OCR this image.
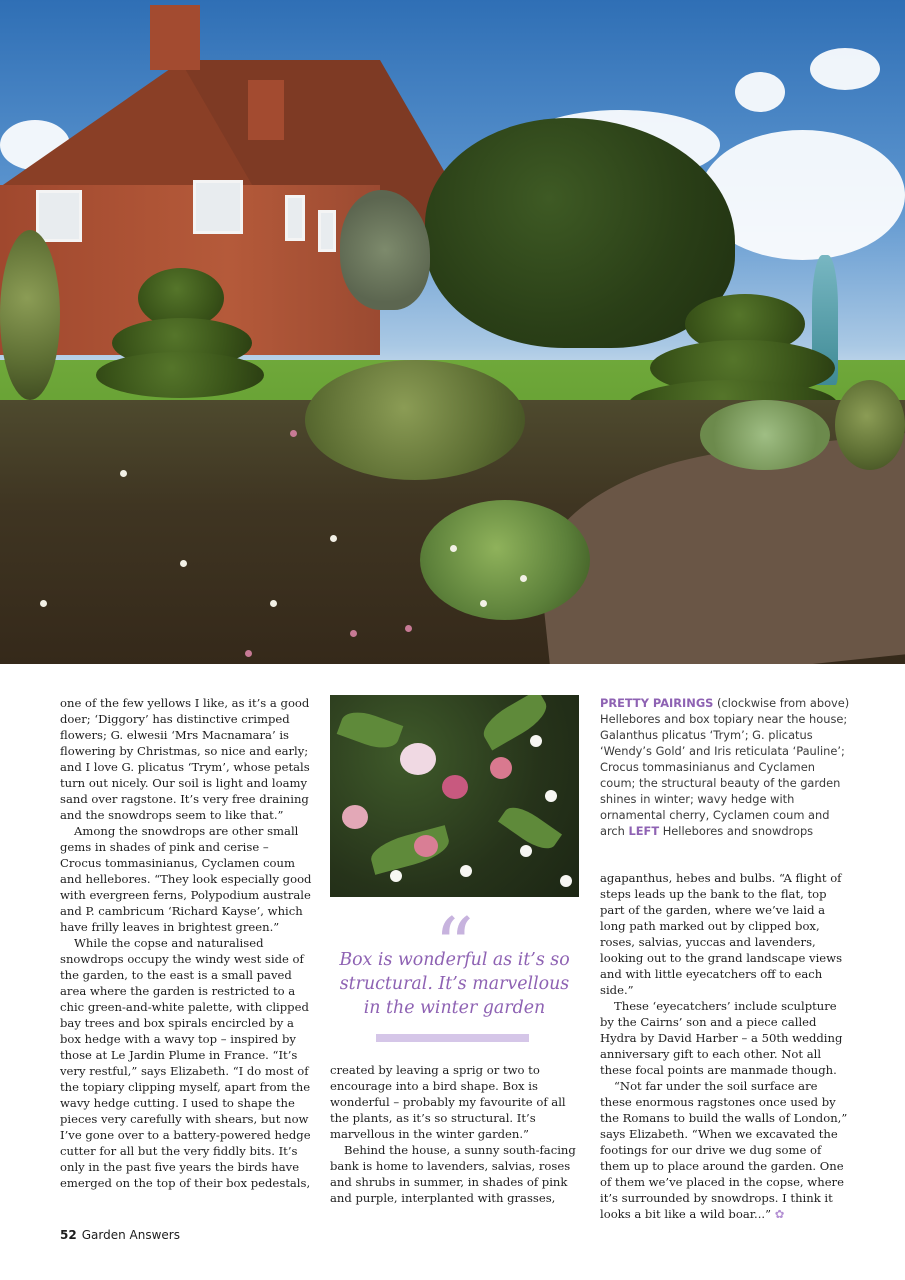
one of the few yellows I like, as it’s a good doer; ‘Diggory’ has distinctive crimped flowers; G. elwesii ‘Mrs Macnamara’ is flowering by Christmas, so nice and early; and I love G. plicatus ‘Trym’, whose petals turn out nicely. Our soil is light and loamy sand over ragstone. It’s very free draining and the snowdrops seem to like that.”

Among the snowdrops are other small gems in shades of pink and cerise – Crocus tommasinianus, Cyclamen coum and hellebores. “They look especially good with evergreen ferns, Polypodium australe and P. cambricum ‘Richard Kayse’, which have frilly leaves in brightest green.”

While the copse and naturalised snowdrops occupy the windy west side of the garden, to the east is a small paved area where the garden is restricted to a chic green-and-white palette, with clipped bay trees and box spirals encircled by a box hedge with a wavy top – inspired by those at Le Jardin Plume in France. “It’s very restful,” says Elizabeth. “I do most of the topiary clipping myself, apart from the wavy hedge cutting. I used to shape the pieces very carefully with shears, but now I’ve gone over to a battery-powered hedge cutter for all but the very fiddly bits. It’s only in the past five years the birds have emerged on the top of their box pedestals,

“
Box is wonderful as it’s so structural. It’s marvellous in the winter garden

created by leaving a sprig or two to encourage into a bird shape. Box is wonderful – probably my favourite of all the plants, as it’s so structural. It’s marvellous in the winter garden.”

Behind the house, a sunny south-facing bank is home to lavenders, salvias, roses and shrubs in summer, in shades of pink and purple, interplanted with grasses,

PRETTY PAIRINGS (clockwise from above) Hellebores and box topiary near the house; Galanthus plicatus ‘Trym’; G. plicatus ‘Wendy’s Gold’ and Iris reticulata ‘Pauline’; Crocus tommasinianus and Cyclamen coum; the structural beauty of the garden shines in winter; wavy hedge with ornamental cherry, Cyclamen coum and arch LEFT Hellebores and snowdrops

agapanthus, hebes and bulbs. “A flight of steps leads up the bank to the flat, top part of the garden, where we’ve laid a long path marked out by clipped box, roses, salvias, yuccas and lavenders, looking out to the grand landscape views and with little eyecatchers off to each side.”

These ‘eyecatchers’ include sculpture by the Cairns’ son and a piece called Hydra by David Harber – a 50th wedding anniversary gift to each other. Not all these focal points are manmade though.

“Not far under the soil surface are these enormous ragstones once used by the Romans to build the walls of London,” says Elizabeth. “When we excavated the footings for our drive we dug some of them up to place around the garden. One of them we’ve placed in the copse, where it’s surrounded by snowdrops. I think it looks a bit like a wild boar...” ✿

52 Garden Answers
